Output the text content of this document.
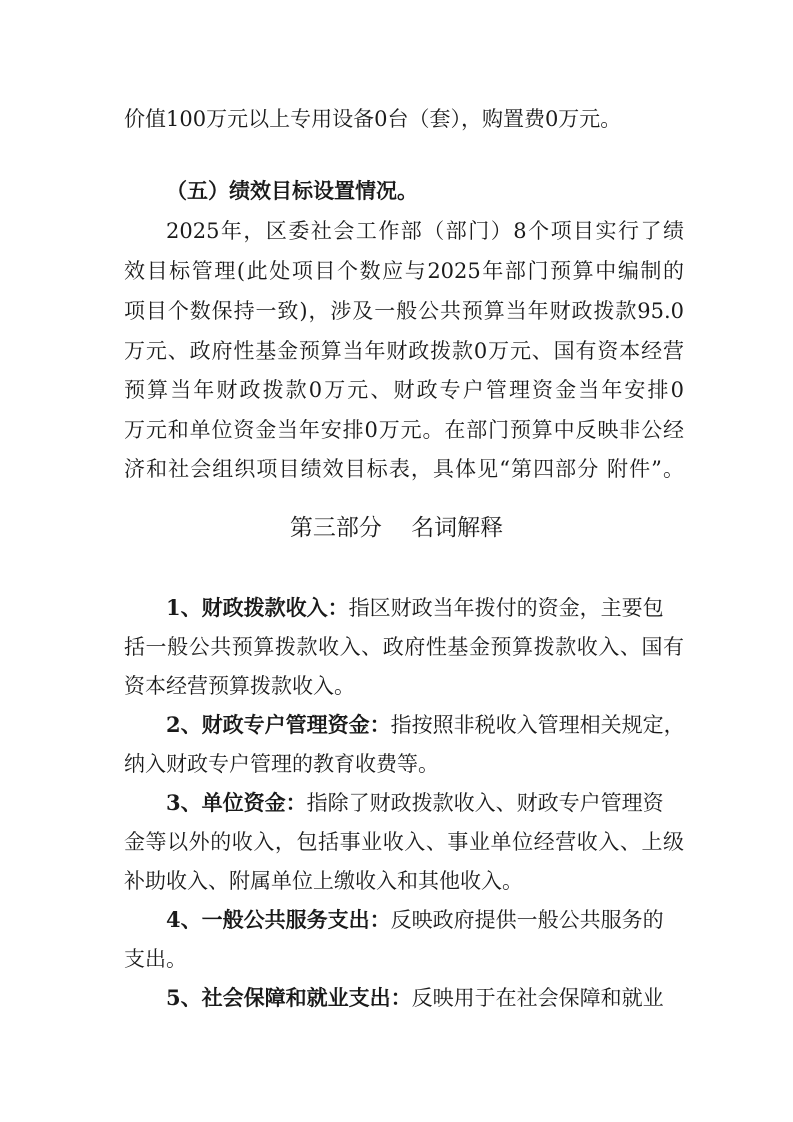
价值100万元以上专用设备0台（套），购置费0万元。
（五）绩效目标设置情况。
2025年，区委社会工作部（部门）8个项目实行了绩
效目标管理(此处项目个数应与2025年部门预算中编制的
项目个数保持一致)，涉及一般公共预算当年财政拨款95.0
万元、政府性基金预算当年财政拨款0万元、国有资本经营
预算当年财政拨款0万元、财政专户管理资金当年安排0
万元和单位资金当年安排0万元。在部门预算中反映非公经
济和社会组织项目绩效目标表，具体见“第四部分 附件”。
第三部分    名词解释
1、财政拨款收入：指区财政当年拨付的资金，主要包
括一般公共预算拨款收入、政府性基金预算拨款收入、国有
资本经营预算拨款收入。
2、财政专户管理资金：指按照非税收入管理相关规定，
纳入财政专户管理的教育收费等。
3、单位资金：指除了财政拨款收入、财政专户管理资
金等以外的收入，包括事业收入、事业单位经营收入、上级
补助收入、附属单位上缴收入和其他收入。
4、一般公共服务支出：反映政府提供一般公共服务的
支出。
5、社会保障和就业支出：反映用于在社会保障和就业
